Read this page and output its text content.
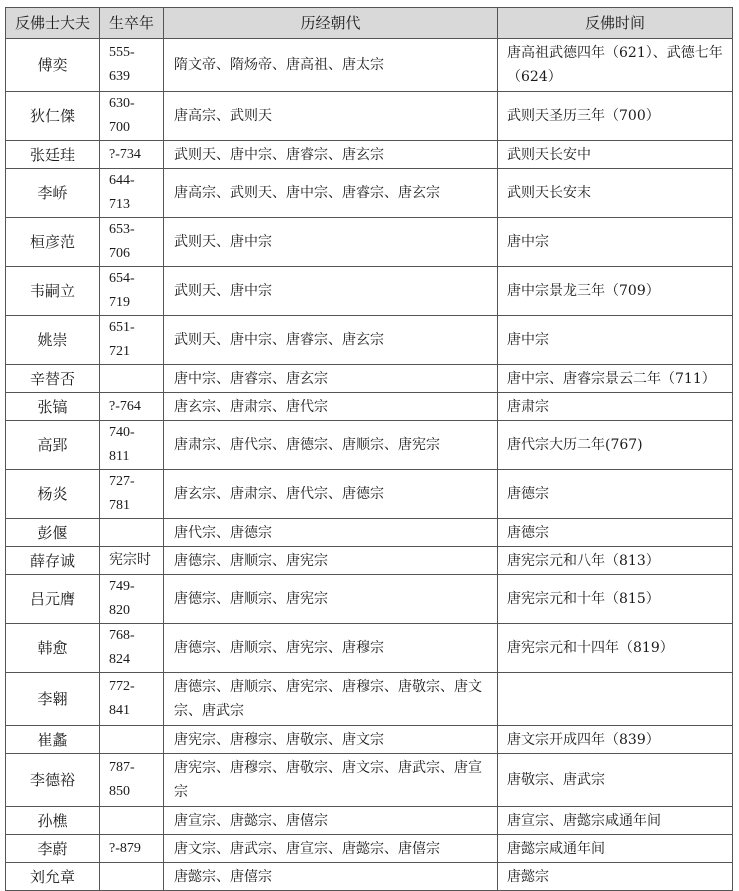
反佛士大夫	生卒年	历经朝代	反佛时间
傅奕	555-639	隋文帝、隋炀帝、唐高祖、唐太宗	唐高祖武德四年（621）、武德七年（624）
狄仁傑	630-700	唐高宗、武则天	武则天圣历三年（700）
张廷珪	?-734	武则天、唐中宗、唐睿宗、唐玄宗	武则天长安中
李峤	644-713	唐高宗、武则天、唐中宗、唐睿宗、唐玄宗	武则天长安末
桓彦范	653-706	武则天、唐中宗	唐中宗
韦嗣立	654-719	武则天、唐中宗	唐中宗景龙三年（709）
姚崇	651-721	武则天、唐中宗、唐睿宗、唐玄宗	唐中宗
辛替否		唐中宗、唐睿宗、唐玄宗	唐中宗、唐睿宗景云二年（711）
张镐	?-764	唐玄宗、唐肃宗、唐代宗	唐肃宗
高郢	740-811	唐肃宗、唐代宗、唐德宗、唐顺宗、唐宪宗	唐代宗大历二年(767)
杨炎	727-781	唐玄宗、唐肃宗、唐代宗、唐德宗	唐德宗
彭偃		唐代宗、唐德宗	唐德宗
薛存诚	宪宗时	唐德宗、唐顺宗、唐宪宗	唐宪宗元和八年（813）
吕元膺	749-820	唐德宗、唐顺宗、唐宪宗	唐宪宗元和十年（815）
韩愈	768-824	唐德宗、唐顺宗、唐宪宗、唐穆宗	唐宪宗元和十四年（819）
李翱	772-841	唐德宗、唐顺宗、唐宪宗、唐穆宗、唐敬宗、唐文宗、唐武宗	
崔蠡		唐宪宗、唐穆宗、唐敬宗、唐文宗	唐文宗开成四年（839）
李德裕	787-850	唐宪宗、唐穆宗、唐敬宗、唐文宗、唐武宗、唐宣宗	唐敬宗、唐武宗
孙樵		唐宣宗、唐懿宗、唐僖宗	唐宣宗、唐懿宗咸通年间
李蔚	?-879	唐文宗、唐武宗、唐宣宗、唐懿宗、唐僖宗	唐懿宗咸通年间
刘允章		唐懿宗、唐僖宗	唐懿宗
